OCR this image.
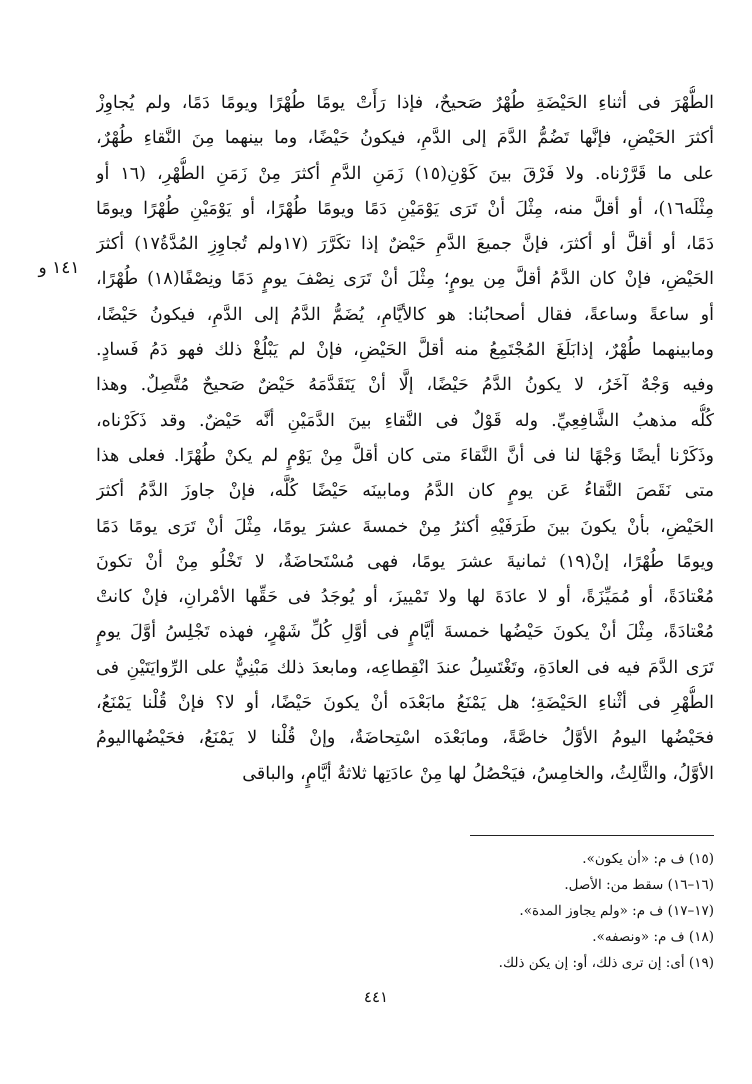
الطُّهْرَ فى أثناءِ الحَيْضَةِ طُهْرٌ صَحيحٌ، فإذا رَأَتْ يومًا طُهْرًا ويومًا دَمًا، ولم يُجاوِزْ
أكثرَ الحَيْضِ، فإنَّها تَضُمُّ الدَّمَ إلى الدَّمِ، فيكونُ حَيْضًا، وما بينهما مِنَ النَّقاءِ طُهْرٌ،
على ما قَرَّرْناه. ولا فَرْقَ بينَ كَوْنِ(١٥) زَمَنِ الدَّمِ أكثرَ مِنْ زَمَنِ الطُّهْرِ، (١٦ أو
مِثْلَه١٦)، أو أقلَّ منه، مِثْلَ أنْ تَرَى يَوْمَيْنِ دَمًا ويومًا طُهْرًا، أو يَوْمَيْنِ طُهْرًا ويومًا
دَمًا، أو أقلَّ أو أكثرَ، فإنَّ جميعَ الدَّمِ حَيْضٌ إذا تكَرَّرَ (١٧ولم تُجاوِزِ المُدَّةُ١٧) أكثرَ
الحَيْضِ، فإنْ كان الدَّمُ أقلَّ مِن يومٍ؛ مِثْلَ أنْ تَرَى نِصْفَ يومٍ دَمًا ونِصْفًا(١٨) طُهْرًا،
أو ساعةً وساعةً، فقال أصحابُنا: هو كالأيَّامِ، يُضَمُّ الدَّمُ إلى الدَّمِ، فيكونُ حَيْضًا،
ومابينهما طُهْرٌ، إذابَلَغَ المُجْتَمِعُ منه أقلَّ الحَيْضِ، فإنْ لم يَبْلُغْ ذلك فهو دَمُ فَسادٍ.
وفيه وَجْهٌ آخَرُ، لا يكونُ الدَّمُ حَيْضًا، إلَّا أنْ يَتَقَدَّمَهُ حَيْضٌ صَحيحٌ مُتَّصِلٌ. وهذا
كُلُّه مذهبُ الشَّافِعِيِّ. وله قَوْلٌ فى النَّقاءِ بينَ الدَّمَيْنِ أنَّه حَيْضٌ. وقد ذَكَرْناه،
وذَكَرْنا أيضًا وَجْهًا لنا فى أنَّ النَّقاءَ متى كان أقلَّ مِنْ يَوْمٍ لم يكنْ طُهْرًا. فعلى هذا
متى نَقَصَ النَّقاءُ عَن يومٍ كان الدَّمُ ومابينَه حَيْضًا كُلَّه، فإنْ جاوزَ الدَّمُ أكثرَ
الحَيْضِ، بأنْ يكونَ بينَ طَرَفَيْهِ أكثرُ مِنْ خمسةَ عشرَ يومًا، مِثْلَ أنْ تَرَى يومًا دَمًا
ويومًا طُهْرًا، إنْ(١٩) ثمانيةَ عشرَ يومًا، فهى مُسْتَحاضَةٌ، لا تَخْلُو مِنْ أنْ تكونَ
مُعْتادَةً، أو مُمَيِّزَةً، أو لا عادَةَ لها ولا تَمْييزَ، أو يُوجَدُ فى حَقِّها الأمْرانِ، فإنْ كانتْ
مُعْتادَةً، مِثْلَ أنْ يكونَ حَيْضُها خمسةَ أيَّامٍ فى أوَّلِ كُلِّ شَهْرٍ، فهذه تَجْلِسُ أوَّلَ يومٍ
تَرَى الدَّمَ فيه فى العادَةِ، وتَغْتَسِلُ عندَ انْقِطاعِه، ومابعدَ ذلك مَبْنِيٌّ على الرِّوايَتَيْنِ فى
الطُّهْرِ فى أثْناءِ الحَيْضَةِ؛ هل يَمْنَعُ مابَعْدَه أنْ يكونَ حَيْضًا، أو لا؟ فإنْ قُلْنا يَمْنَعُ،
فحَيْضُها اليومُ الأوَّلُ خاصَّةً، ومابَعْدَه اسْتِحاضَةٌ، وإنْ قُلْنا لا يَمْنَعُ، فحَيْضُهااليومُ
الأوَّلُ، والثَّالِثُ، والخامِسُ، فيَحْصُلُ لها مِنْ عادَتِها ثلاثةُ أيَّامٍ، والباقى
١٤١ و
(١٥) ف م: «أن يكون».
(١٦–١٦) سقط من: الأصل.
(١٧–١٧) ف م: «ولم يجاوز المدة».
(١٨) ف م: «ونصفه».
(١٩) أى: إن ترى ذلك، أو: إن يكن ذلك.
٤٤١
